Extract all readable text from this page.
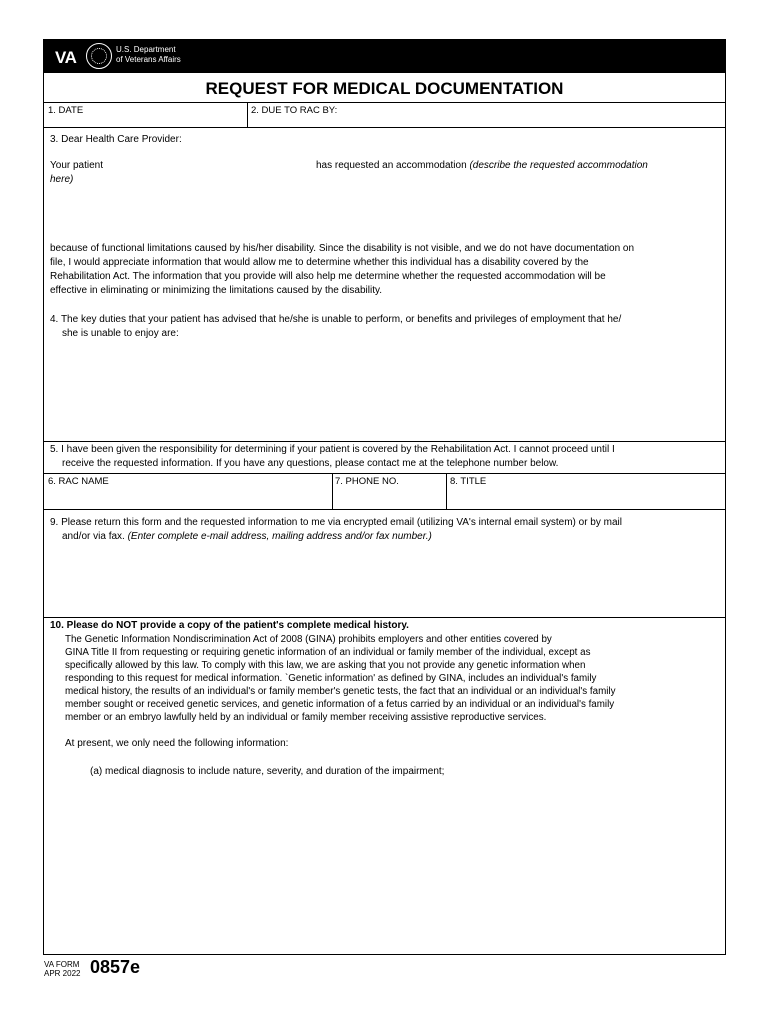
VA	U.S. Department
of Veterans Affairs
REQUEST FOR MEDICAL DOCUMENTATION
1. DATE	2. DUE TO RAC BY:
3. Dear Health Care Provider:
Your patient	has requested an accommodation (describe the requested accommodation
here)
because of functional limitations caused by his/her disability. Since the disability is not visible, and we do not have documentation on
file, I would appreciate information that would allow me to determine whether this individual has a disability covered by the
Rehabilitation Act. The information that you provide will also help me determine whether the requested accommodation will be
effective in eliminating or minimizing the limitations caused by the disability.
4. The key duties that your patient has advised that he/she is unable to perform, or benefits and privileges of employment that he/
she is unable to enjoy are:
5. I have been given the responsibility for determining if your patient is covered by the Rehabilitation Act. I cannot proceed until I
receive the requested information. If you have any questions, please contact me at the telephone number below.
6. RAC NAME	7. PHONE NO.	8. TITLE
9. Please return this form and the requested information to me via encrypted email (utilizing VA's internal email system) or by mail
and/or via fax. (Enter complete e-mail address, mailing address and/or fax number.)
10. Please do NOT provide a copy of the patient's complete medical history.
The Genetic Information Nondiscrimination Act of 2008 (GINA) prohibits employers and other entities covered by
GINA Title II from requesting or requiring genetic information of an individual or family member of the individual, except as
specifically allowed by this law. To comply with this law, we are asking that you not provide any genetic information when
responding to this request for medical information. `Genetic information' as defined by GINA, includes an individual's family
medical history, the results of an individual's or family member's genetic tests, the fact that an individual or an individual's family
member sought or received genetic services, and genetic information of a fetus carried by an individual or an individual's family
member or an embryo lawfully held by an individual or family member receiving assistive reproductive services.
At present, we only need the following information:
(a) medical diagnosis to include nature, severity, and duration of the impairment;
VA FORM
APR 2022 0857e
